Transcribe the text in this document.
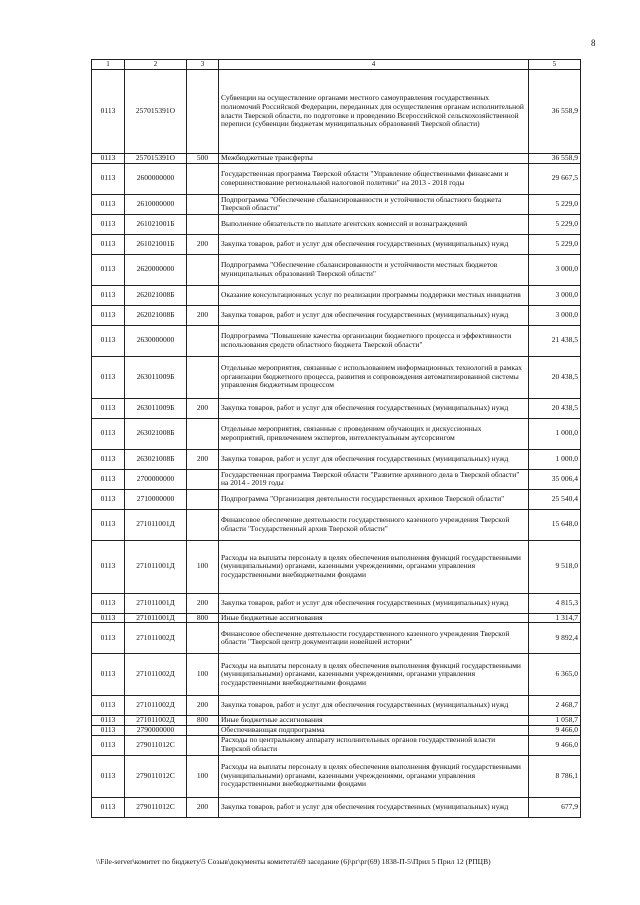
8
1	2	3	4	5
0113	257015391О		Субвенции на осуществление органами местного самоуправления государственных полномочий Российской Федерации, переданных для осуществления органам исполнительной власти Тверской области, по подготовке и проведению Всероссийской сельскохозяйственной переписи (субвенции бюджетам муниципальных образований Тверской области)	36 558,9
0113	257015391О	500	Межбюджетные трансферты	36 558,9
0113	2600000000		Государственная программа Тверской области "Управление общественными финансами и совершенствование региональной налоговой политики" на 2013 - 2018 годы	29 667,5
0113	2610000000		Подпрограмма "Обеспечение сбалансированности и устойчивости областного бюджета Тверской области"	5 229,0
0113	261021001Б		Выполнение обязательств по выплате агентских комиссий и вознаграждений	5 229,0
0113	261021001Б	200	Закупка товаров, работ и услуг для обеспечения государственных (муниципальных) нужд	5 229,0
0113	2620000000		Подпрограмма "Обеспечение сбалансированности и устойчивости местных бюджетов муниципальных образований Тверской области"	3 000,0
0113	262021008Б		Оказание консультационных услуг по реализации программы поддержки местных инициатив	3 000,0
0113	262021008Б	200	Закупка товаров, работ и услуг для обеспечения государственных (муниципальных) нужд	3 000,0
0113	2630000000		Подпрограмма "Повышение качества организации бюджетного процесса и эффективности использования средств областного бюджета Тверской области"	21 438,5
0113	263011009Б		Отдельные мероприятия, связанные с использованием информационных технологий в рамках организации бюджетного процесса, развития и сопровождения автоматизированной системы управления бюджетным процессом	20 438,5
0113	263011009Б	200	Закупка товаров, работ и услуг для обеспечения государственных (муниципальных) нужд	20 438,5
0113	263021008Б		Отдельные мероприятия, связанные с проведением обучающих и дискуссионных мероприятий, привлечением экспертов, интеллектуальным аутсорсингом	1 000,0
0113	263021008Б	200	Закупка товаров, работ и услуг для обеспечения государственных (муниципальных) нужд	1 000,0
0113	2700000000		Государственная программа Тверской области "Развитие архивного дела в Тверской области" на 2014 - 2019 годы	35 006,4
0113	2710000000		Подпрограмма "Организация деятельности государственных архивов Тверской области"	25 540,4
0113	271011001Д		Финансовое обеспечение деятельности государственного казенного учреждения Тверской области "Государственный архив Тверской области"	15 648,0
0113	271011001Д	100	Расходы на выплаты персоналу в целях обеспечения выполнения функций государственными (муниципальными) органами, казенными учреждениями, органами управления государственными внебюджетными фондами	9 518,0
0113	271011001Д	200	Закупка товаров, работ и услуг для обеспечения государственных (муниципальных) нужд	4 815,3
0113	271011001Д	800	Иные бюджетные ассигнования	1 314,7
0113	271011002Д		Финансовое обеспечение деятельности государственного казенного учреждения Тверской области "Тверской центр документации новейшей истории"	9 892,4
0113	271011002Д	100	Расходы на выплаты персоналу в целях обеспечения выполнения функций государственными (муниципальными) органами, казенными учреждениями, органами управления государственными внебюджетными фондами	6 365,0
0113	271011002Д	200	Закупка товаров, работ и услуг для обеспечения государственных (муниципальных) нужд	2 468,7
0113	271011002Д	800	Иные бюджетные ассигнования	1 058,7
0113	2790000000		Обеспечивающая подпрограмма	9 466,0
0113	279011012С		Расходы по центральному аппарату исполнительных органов государственной власти Тверской области	9 466,0
0113	279011012С	100	Расходы на выплаты персоналу в целях обеспечения выполнения функций государственными (муниципальными) органами, казенными учреждениями, органами управления государственными внебюджетными фондами	8 786,1
0113	279011012С	200	Закупка товаров, работ и услуг для обеспечения государственных (муниципальных) нужд	677,9
\\File-server\комитет по бюджету\5 Созыв\документы комитета\69 заседание (6)\рг\рг(69) 1838-П-5\Прил 5 Прил 12 (РПЦВ)
